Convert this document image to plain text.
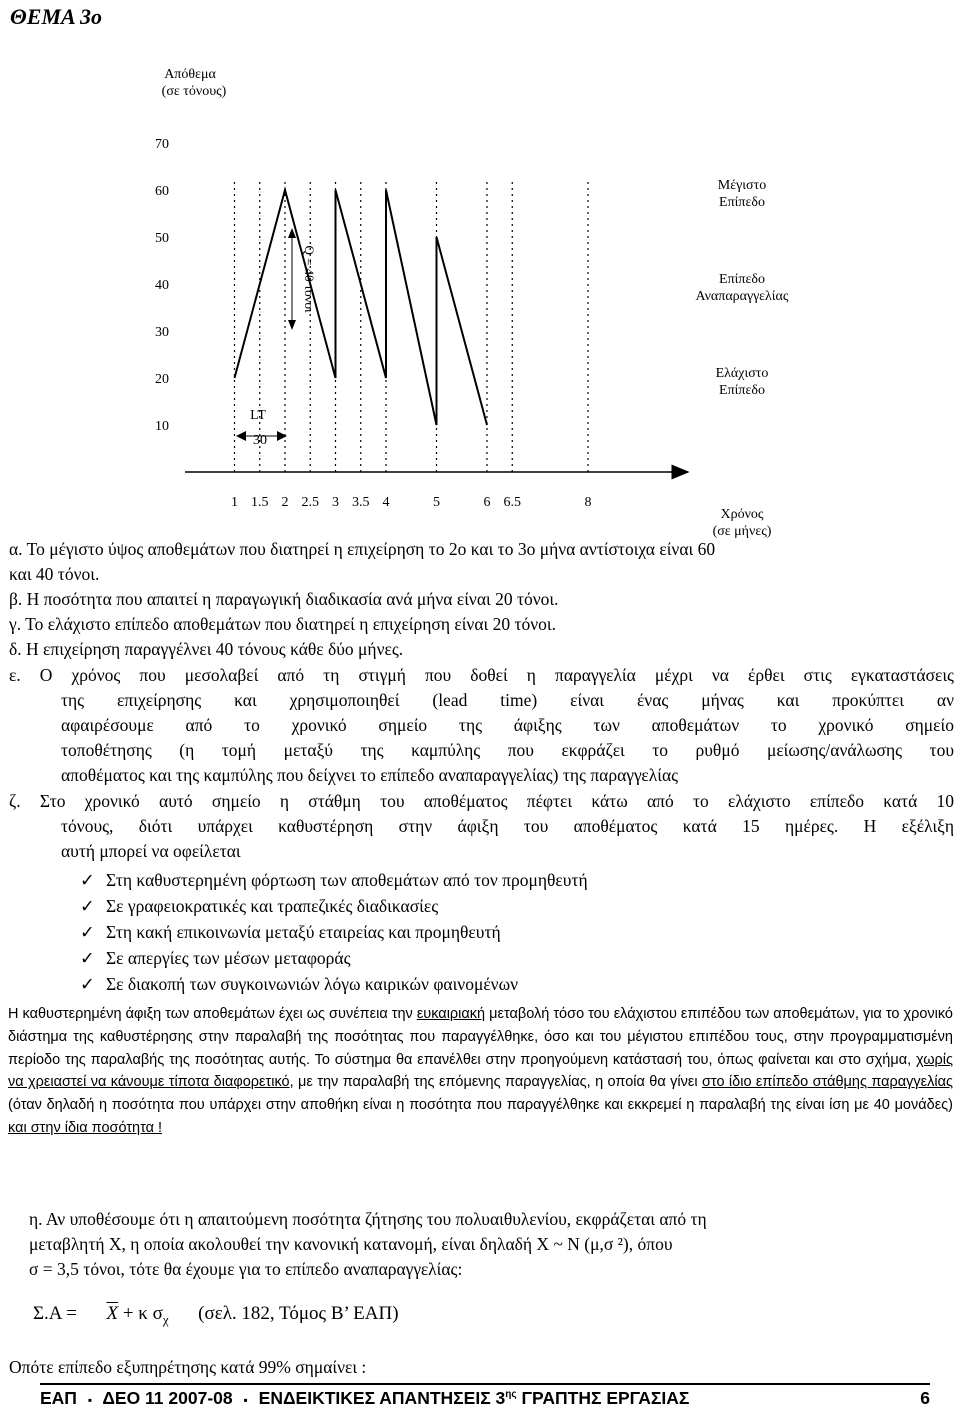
ΘΕΜΑ 3ο
Απόθεμα
(σε τόνους)
70
60
50
40
30
20
10
Μέγιστο
Επίπεδο
Επίπεδο
Αναπαραγγελίας
Ελάχιστο
Επίπεδο
Χρόνος
(σε μήνες)
1 1.5 2 2.5 3 3.5 4	5	6 6.5	8
Q = 40 τόνοι
LT
30
α. Το μέγιστο ύψος αποθεμάτων που διατηρεί η επιχείρηση το 2ο και το 3ο μήνα αντίστοιχα είναι 60
και 40 τόνοι.
β. Η ποσότητα που απαιτεί η παραγωγική διαδικασία ανά μήνα είναι 20 τόνοι.
γ. Το ελάχιστο επίπεδο αποθεμάτων που διατηρεί η επιχείρηση είναι 20 τόνοι.
δ. Η επιχείρηση παραγγέλνει 40 τόνους κάθε δύο μήνες.
ε. Ο χρόνος που μεσολαβεί από τη στιγμή που δοθεί η παραγγελία μέχρι να έρθει στις εγκαταστάσεις
της επιχείρησης και χρησιμοποιηθεί (lead time) είναι ένας μήνας και προκύπτει αν
αφαιρέσουμε από το χρονικό σημείο της άφιξης των αποθεμάτων το χρονικό σημείο
τοποθέτησης (η τομή μεταξύ της καμπύλης που εκφράζει το ρυθμό μείωσης/ανάλωσης του
αποθέματος και της καμπύλης που δείχνει το επίπεδο αναπαραγγελίας) της παραγγελίας
ζ. Στο χρονικό αυτό σημείο η στάθμη του αποθέματος πέφτει κάτω από το ελάχιστο επίπεδο κατά 10
τόνους, διότι υπάρχει καθυστέρηση στην άφιξη του αποθέματος κατά 15 ημέρες. Η εξέλιξη
αυτή μπορεί να οφείλεται
✓ Στη καθυστερημένη φόρτωση των αποθεμάτων από τον προμηθευτή
✓ Σε γραφειοκρατικές και τραπεζικές διαδικασίες
✓ Στη κακή επικοινωνία μεταξύ εταιρείας και προμηθευτή
✓ Σε απεργίες των μέσων μεταφοράς
✓ Σε διακοπή των συγκοινωνιών λόγω καιρικών φαινομένων
Η καθυστερημένη άφιξη των αποθεμάτων έχει ως συνέπεια την ευκαιριακή μεταβολή τόσο του ελάχιστου επιπέδου των αποθεμάτων, για το χρονικό διάστημα της καθυστέρησης στην παραλαβή της ποσότητας που παραγγέλθηκε, όσο και του μέγιστου επιπέδου τους, στην προγραμματισμένη περίοδο της παραλαβής της ποσότητας αυτής. Το σύστημα θα επανέλθει στην προηγούμενη κατάστασή του, όπως φαίνεται και στο σχήμα, χωρίς να χρειαστεί να κάνουμε τίποτα διαφορετικό, με την παραλαβή της επόμενης παραγγελίας, η οποία θα γίνει στο ίδιο επίπεδο στάθμης παραγγελίας (όταν δηλαδή η ποσότητα που υπάρχει στην αποθήκη είναι η ποσότητα που παραγγέλθηκε και εκκρεμεί η παραλαβή της είναι ίση με 40 μονάδες) και στην ίδια ποσότητα !
η. Αν υποθέσουμε ότι η απαιτούμενη ποσότητα ζήτησης του πολυαιθυλενίου, εκφράζεται από τη
μεταβλητή Χ, η οποία ακολουθεί την κανονική κατανομή, είναι δηλαδή Χ ~ Ν (μ,σ ²), όπου
σ = 3,5 τόνοι, τότε θα έχουμε για το επίπεδο αναπαραγγελίας:
$\Sigma.A = \overline{X} + \kappa$ $\sigma_\chi$ (σελ. 182, Τόμος Β’ ΕΑΠ)
Οπότε επίπεδο εξυπηρέτησης κατά 99% σημαίνει :
ΕΑΠ ▪ ΔΕΟ 11 2007-08 ▪ ΕΝΔΕΙΚΤΙΚΕΣ ΑΠΑΝΤΗΣΕΙΣ $3^{\eta\varsigma}$ ΓΡΑΠΤΗΣ ΕΡΓΑΣΙΑΣ	6
